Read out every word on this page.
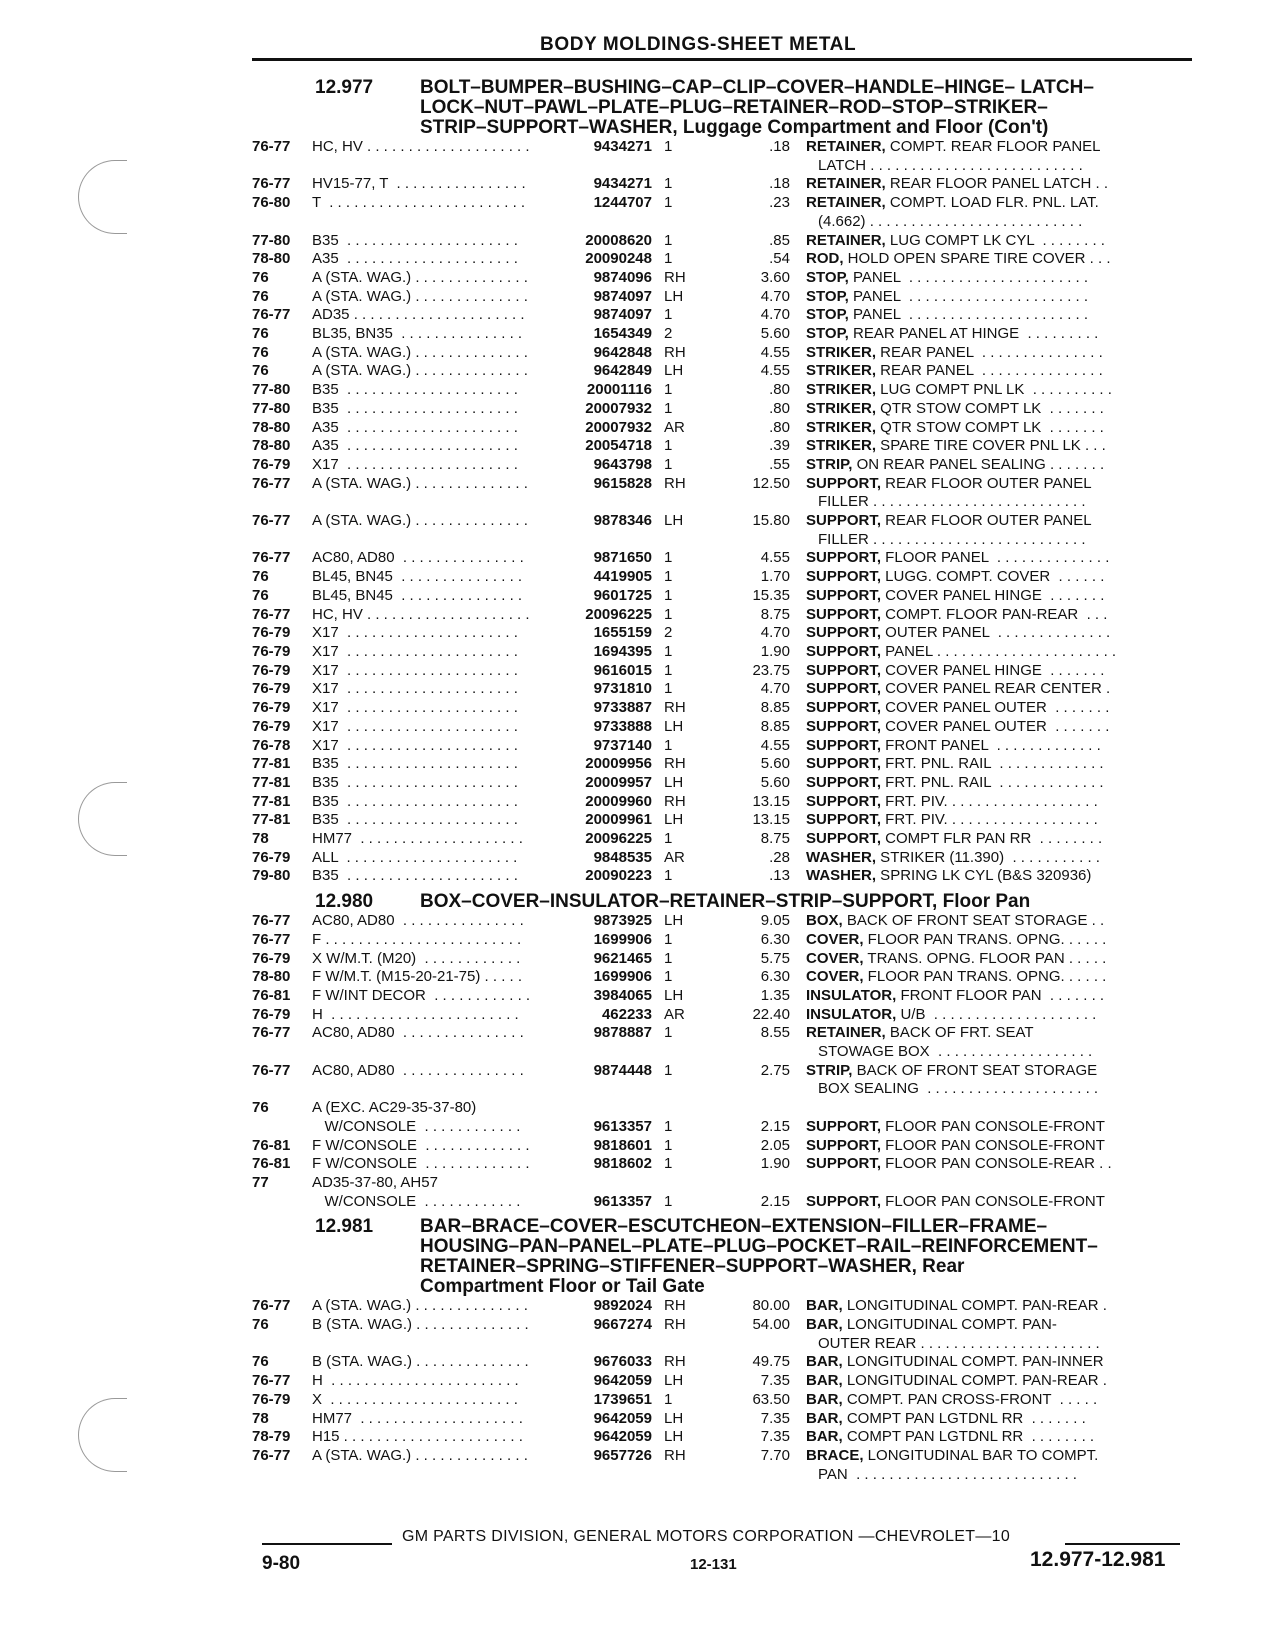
BODY MOLDINGS-SHEET METAL
12.977	BOLT–BUMPER–BUSHING–CAP–CLIP–COVER–HANDLE–HINGE– LATCH–
LOCK–NUT–PAWL–PLATE–PLUG–RETAINER–ROD–STOP–STRIKER–
STRIP–SUPPORT–WASHER, Luggage Compartment and Floor (Con't)
76-77	HC, HV . . . . . . . . . . . . . . . . . . . .	9434271 1	.18	RETAINER, COMPT. REAR FLOOR PANEL
LATCH . . . . . . . . . . . . . . . . . . . . . . . . . .
76-77	HV15-77, T  . . . . . . . . . . . . . . . .	9434271 1	.18	RETAINER, REAR FLOOR PANEL LATCH . .
76-80	T  . . . . . . . . . . . . . . . . . . . . . . . .	1244707 1	.23	RETAINER, COMPT. LOAD FLR. PNL. LAT.
(4.662) . . . . . . . . . . . . . . . . . . . . . . . . . .
77-80	B35  . . . . . . . . . . . . . . . . . . . . .	20008620 1	.85	RETAINER, LUG COMPT LK CYL  . . . . . . . .
78-80	A35  . . . . . . . . . . . . . . . . . . . . .	20090248 1	.54	ROD, HOLD OPEN SPARE TIRE COVER . . .
76	A (STA. WAG.) . . . . . . . . . . . . . .	9874096 RH	3.60	STOP, PANEL  . . . . . . . . . . . . . . . . . . . . . .
76	A (STA. WAG.) . . . . . . . . . . . . . .	9874097 LH	4.70	STOP, PANEL  . . . . . . . . . . . . . . . . . . . . . .
76-77	AD35 . . . . . . . . . . . . . . . . . . . . .	9874097 1	4.70	STOP, PANEL  . . . . . . . . . . . . . . . . . . . . . .
76	BL35, BN35  . . . . . . . . . . . . . . .	1654349 2	5.60	STOP, REAR PANEL AT HINGE  . . . . . . . . .
76	A (STA. WAG.) . . . . . . . . . . . . . .	9642848 RH	4.55	STRIKER, REAR PANEL  . . . . . . . . . . . . . . .
76	A (STA. WAG.) . . . . . . . . . . . . . .	9642849 LH	4.55	STRIKER, REAR PANEL  . . . . . . . . . . . . . . .
77-80	B35  . . . . . . . . . . . . . . . . . . . . .	20001116 1	.80	STRIKER, LUG COMPT PNL LK  . . . . . . . . . .
77-80	B35  . . . . . . . . . . . . . . . . . . . . .	20007932 1	.80	STRIKER, QTR STOW COMPT LK  . . . . . . .
78-80	A35  . . . . . . . . . . . . . . . . . . . . .	20007932 AR	.80	STRIKER, QTR STOW COMPT LK  . . . . . . .
78-80	A35  . . . . . . . . . . . . . . . . . . . . .	20054718 1	.39	STRIKER, SPARE TIRE COVER PNL LK . . .
76-79	X17  . . . . . . . . . . . . . . . . . . . . .	9643798 1	.55	STRIP, ON REAR PANEL SEALING . . . . . . .
76-77	A (STA. WAG.) . . . . . . . . . . . . . .	9615828 RH	12.50	SUPPORT, REAR FLOOR OUTER PANEL
FILLER . . . . . . . . . . . . . . . . . . . . . . . . . .
76-77	A (STA. WAG.) . . . . . . . . . . . . . .	9878346 LH	15.80	SUPPORT, REAR FLOOR OUTER PANEL
FILLER . . . . . . . . . . . . . . . . . . . . . . . . . .
76-77	AC80, AD80  . . . . . . . . . . . . . . .	9871650 1	4.55	SUPPORT, FLOOR PANEL  . . . . . . . . . . . . . .
76	BL45, BN45  . . . . . . . . . . . . . . .	4419905 1	1.70	SUPPORT, LUGG. COMPT. COVER  . . . . . .
76	BL45, BN45  . . . . . . . . . . . . . . .	9601725 1	15.35	SUPPORT, COVER PANEL HINGE  . . . . . . .
76-77	HC, HV . . . . . . . . . . . . . . . . . . . .	20096225 1	8.75	SUPPORT, COMPT. FLOOR PAN-REAR  . . .
76-79	X17  . . . . . . . . . . . . . . . . . . . . .	1655159 2	4.70	SUPPORT, OUTER PANEL  . . . . . . . . . . . . . .
76-79	X17  . . . . . . . . . . . . . . . . . . . . .	1694395 1	1.90	SUPPORT, PANEL . . . . . . . . . . . . . . . . . . . . . .
76-79	X17  . . . . . . . . . . . . . . . . . . . . .	9616015 1	23.75	SUPPORT, COVER PANEL HINGE  . . . . . . .
76-79	X17  . . . . . . . . . . . . . . . . . . . . .	9731810 1	4.70	SUPPORT, COVER PANEL REAR CENTER .
76-79	X17  . . . . . . . . . . . . . . . . . . . . .	9733887 RH	8.85	SUPPORT, COVER PANEL OUTER  . . . . . . .
76-79	X17  . . . . . . . . . . . . . . . . . . . . .	9733888 LH	8.85	SUPPORT, COVER PANEL OUTER  . . . . . . .
76-78	X17  . . . . . . . . . . . . . . . . . . . . .	9737140 1	4.55	SUPPORT, FRONT PANEL  . . . . . . . . . . . . .
77-81	B35  . . . . . . . . . . . . . . . . . . . . .	20009956 RH	5.60	SUPPORT, FRT. PNL. RAIL  . . . . . . . . . . . . .
77-81	B35  . . . . . . . . . . . . . . . . . . . . .	20009957 LH	5.60	SUPPORT, FRT. PNL. RAIL  . . . . . . . . . . . . .
77-81	B35  . . . . . . . . . . . . . . . . . . . . .	20009960 RH	13.15	SUPPORT, FRT. PIV. . . . . . . . . . . . . . . . . . .
77-81	B35  . . . . . . . . . . . . . . . . . . . . .	20009961 LH	13.15	SUPPORT, FRT. PIV. . . . . . . . . . . . . . . . . . .
78	HM77  . . . . . . . . . . . . . . . . . . . .	20096225 1	8.75	SUPPORT, COMPT FLR PAN RR  . . . . . . . .
76-79	ALL  . . . . . . . . . . . . . . . . . . . . .	9848535 AR	.28	WASHER, STRIKER (11.390)  . . . . . . . . . . .
79-80	B35  . . . . . . . . . . . . . . . . . . . . .	20090223 1	.13	WASHER, SPRING LK CYL (B&S 320936)
12.980	BOX–COVER–INSULATOR–RETAINER–STRIP–SUPPORT, Floor Pan
76-77	AC80, AD80  . . . . . . . . . . . . . . .	9873925 LH	9.05	BOX, BACK OF FRONT SEAT STORAGE . .
76-77	F . . . . . . . . . . . . . . . . . . . . . . . .	1699906 1	6.30	COVER, FLOOR PAN TRANS. OPNG. . . . . .
76-79	X W/M.T. (M20)  . . . . . . . . . . . .	9621465 1	5.75	COVER, TRANS. OPNG. FLOOR PAN . . . . .
78-80	F W/M.T. (M15-20-21-75) . . . . .	1699906 1	6.30	COVER, FLOOR PAN TRANS. OPNG. . . . . .
76-81	F W/INT DECOR  . . . . . . . . . . . .	3984065 LH	1.35	INSULATOR, FRONT FLOOR PAN  . . . . . . .
76-79	H  . . . . . . . . . . . . . . . . . . . . . . .	462233 AR	22.40	INSULATOR, U/B  . . . . . . . . . . . . . . . . . . . .
76-77	AC80, AD80  . . . . . . . . . . . . . . .	9878887 1	8.55	RETAINER, BACK OF FRT. SEAT
STOWAGE BOX  . . . . . . . . . . . . . . . . . . .
76-77	AC80, AD80  . . . . . . . . . . . . . . .	9874448 1	2.75	STRIP, BACK OF FRONT SEAT STORAGE
BOX SEALING  . . . . . . . . . . . . . . . . . . . . .
76	A (EXC. AC29-35-37-80)
W/CONSOLE  . . . . . . . . . . . .	9613357 1	2.15	SUPPORT, FLOOR PAN CONSOLE-FRONT
76-81	F W/CONSOLE  . . . . . . . . . . . . .	9818601 1	2.05	SUPPORT, FLOOR PAN CONSOLE-FRONT
76-81	F W/CONSOLE  . . . . . . . . . . . . .	9818602 1	1.90	SUPPORT, FLOOR PAN CONSOLE-REAR . .
77	AD35-37-80, AH57
W/CONSOLE  . . . . . . . . . . . .	9613357 1	2.15	SUPPORT, FLOOR PAN CONSOLE-FRONT
12.981	BAR–BRACE–COVER–ESCUTCHEON–EXTENSION–FILLER–FRAME–
HOUSING–PAN–PANEL–PLATE–PLUG–POCKET–RAIL–REINFORCEMENT–
RETAINER–SPRING–STIFFENER–SUPPORT–WASHER, Rear
Compartment Floor or Tail Gate
76-77	A (STA. WAG.) . . . . . . . . . . . . . .	9892024 RH	80.00	BAR, LONGITUDINAL COMPT. PAN-REAR .
76	B (STA. WAG.) . . . . . . . . . . . . . .	9667274 RH	54.00	BAR, LONGITUDINAL COMPT. PAN-
OUTER REAR . . . . . . . . . . . . . . . . . . . . . .
76	B (STA. WAG.) . . . . . . . . . . . . . .	9676033 RH	49.75	BAR, LONGITUDINAL COMPT. PAN-INNER
76-77	H  . . . . . . . . . . . . . . . . . . . . . . .	9642059 LH	7.35	BAR, LONGITUDINAL COMPT. PAN-REAR .
76-79	X  . . . . . . . . . . . . . . . . . . . . . . .	1739651 1	63.50	BAR, COMPT. PAN CROSS-FRONT  . . . . .
78	HM77  . . . . . . . . . . . . . . . . . . . .	9642059 LH	7.35	BAR, COMPT PAN LGTDNL RR  . . . . . . .
78-79	H15 . . . . . . . . . . . . . . . . . . . . . .	9642059 LH	7.35	BAR, COMPT PAN LGTDNL RR  . . . . . . . .
76-77	A (STA. WAG.) . . . . . . . . . . . . . .	9657726 RH	7.70	BRACE, LONGITUDINAL BAR TO COMPT.
PAN  . . . . . . . . . . . . . . . . . . . . . . . . . . .
GM PARTS DIVISION, GENERAL MOTORS CORPORATION —CHEVROLET—10
9-80	12-131	12.977-12.981
